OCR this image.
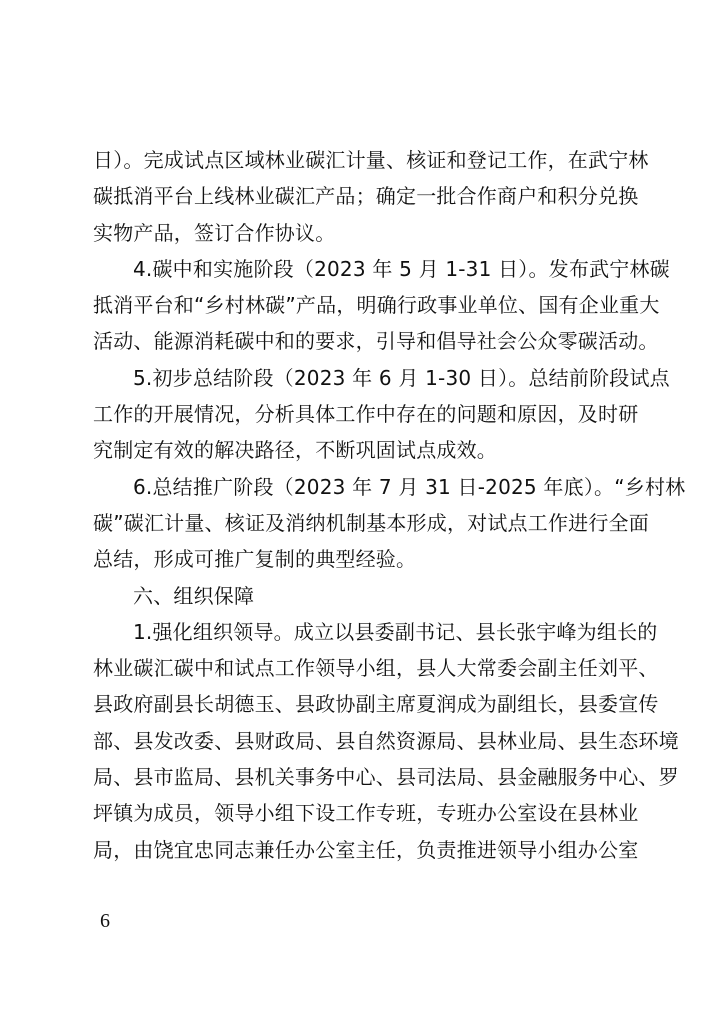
日）。完成试点区域林业碳汇计量、核证和登记工作，在武宁林
碳抵消平台上线林业碳汇产品；确定一批合作商户和积分兑换
实物产品，签订合作协议。
4.碳中和实施阶段（2023 年 5 月 1-31 日）。发布武宁林碳
抵消平台和“乡村林碳”产品，明确行政事业单位、国有企业重大
活动、能源消耗碳中和的要求，引导和倡导社会公众零碳活动。
5.初步总结阶段（2023 年 6 月 1-30 日）。总结前阶段试点
工作的开展情况，分析具体工作中存在的问题和原因，及时研
究制定有效的解决路径，不断巩固试点成效。
6.总结推广阶段（2023 年 7 月 31 日-2025 年底）。“乡村林
碳”碳汇计量、核证及消纳机制基本形成，对试点工作进行全面
总结，形成可推广复制的典型经验。
六、组织保障
1.强化组织领导。成立以县委副书记、县长张宇峰为组长的
林业碳汇碳中和试点工作领导小组，县人大常委会副主任刘平、
县政府副县长胡德玉、县政协副主席夏润成为副组长，县委宣传
部、县发改委、县财政局、县自然资源局、县林业局、县生态环境
局、县市监局、县机关事务中心、县司法局、县金融服务中心、罗
坪镇为成员，领导小组下设工作专班，专班办公室设在县林业
局，由饶宜忠同志兼任办公室主任，负责推进领导小组办公室
6
